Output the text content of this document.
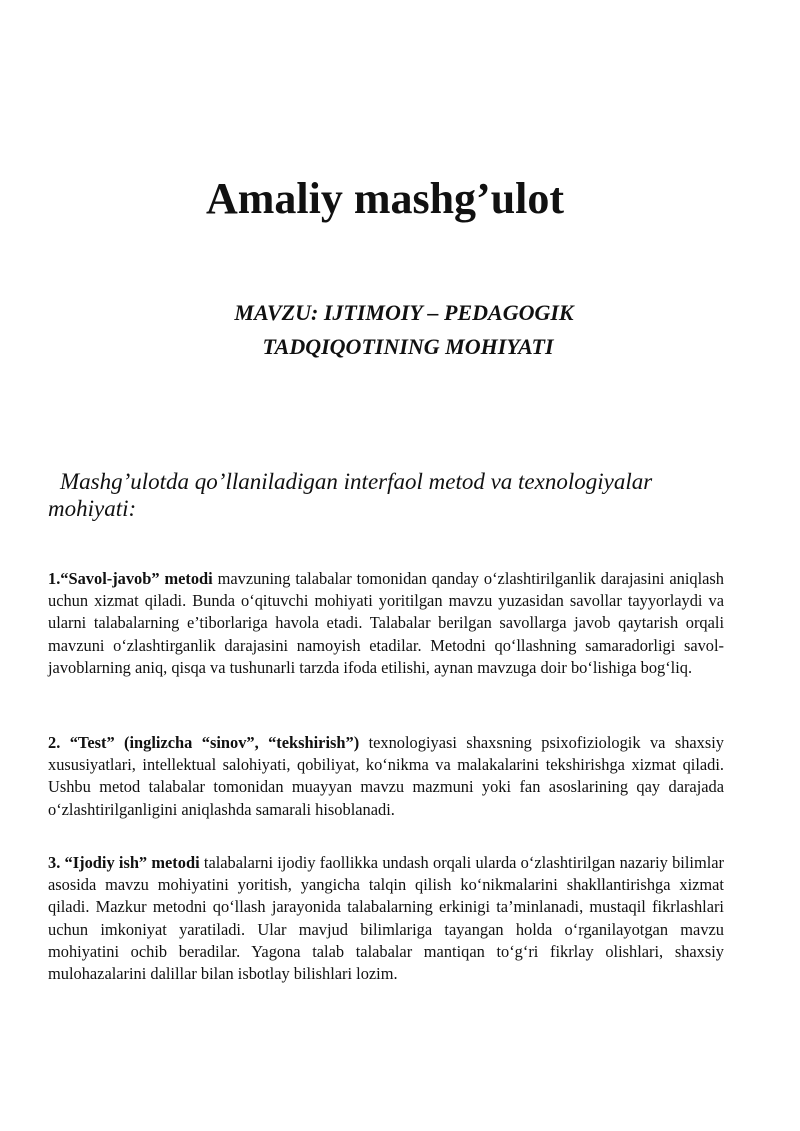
Amaliy mashg’ulot
MAVZU: IJTIMOIY – PEDAGOGIK
TADQIQOTINING MOHIYATI

Mashg’ulotda qo’llaniladigan interfaol metod va texnologiyalar mohiyati:

1.“Savol-javob” metodi mavzuning talabalar tomonidan qanday o‘zlashtirilganlik darajasini aniqlash uchun xizmat qiladi. Bunda o‘qituvchi mohiyati yoritilgan mavzu yuzasidan savollar tayyorlaydi va ularni talabalarning e’tiborlariga havola etadi. Talabalar berilgan savollarga javob qaytarish orqali mavzuni o‘zlashtirganlik darajasini namoyish etadilar. Metodni qo‘llashning samaradorligi savol-javoblarning aniq, qisqa va tushunarli tarzda ifoda etilishi, aynan mavzuga doir bo‘lishiga bog‘liq.

2. “Test” (inglizcha “sinov”, “tekshirish”) texnologiyasi shaxsning psixofiziologik va shaxsiy xususiyatlari, intellektual salohiyati, qobiliyat, ko‘nikma va malakalarini tekshirishga xizmat qiladi. Ushbu metod talabalar tomonidan muayyan mavzu mazmuni yoki fan asoslarining qay darajada o‘zlashtirilganligini aniqlashda samarali hisoblanadi.

3. “Ijodiy ish” metodi talabalarni ijodiy faollikka undash orqali ularda o‘zlashtirilgan nazariy bilimlar asosida mavzu mohiyatini yoritish, yangicha talqin qilish ko‘nikmalarini shakllantirishga xizmat qiladi. Mazkur metodni qo‘llash jarayonida talabalarning erkinigi ta’minlanadi, mustaqil fikrlashlari uchun imkoniyat yaratiladi. Ular mavjud bilimlariga tayangan holda o‘rganilayotgan mavzu mohiyatini ochib beradilar. Yagona talab talabalar mantiqan to‘g‘ri fikrlay olishlari, shaxsiy mulohazalarini dalillar bilan isbotlay bilishlari lozim.
